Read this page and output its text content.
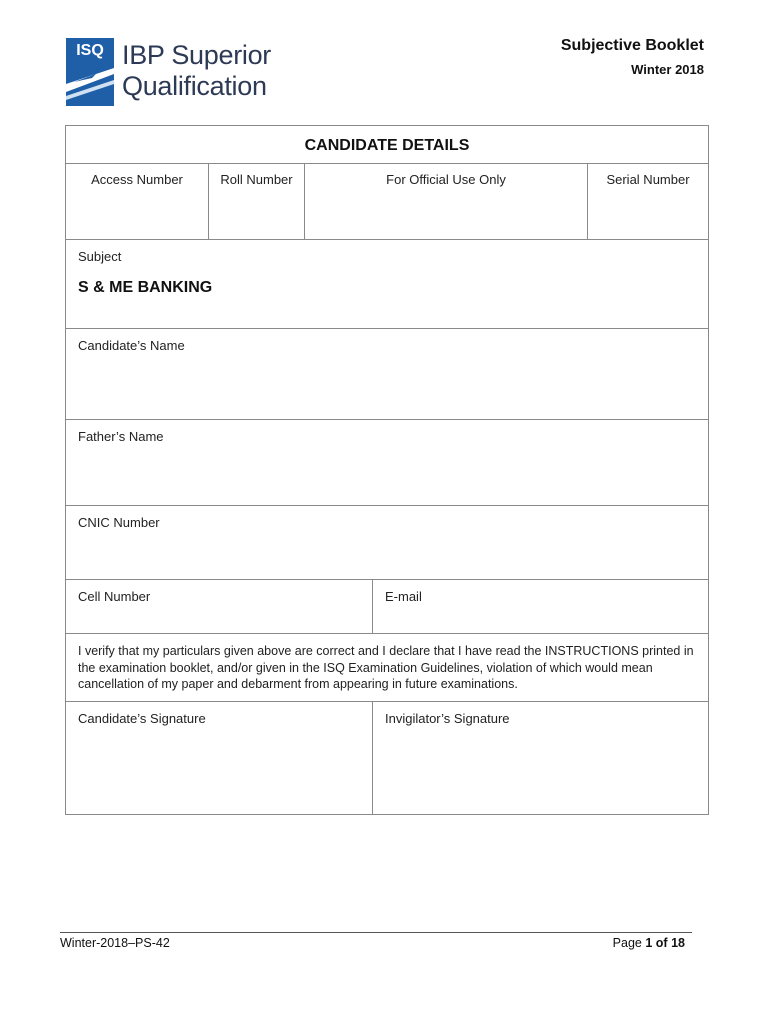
ISQ IBP Superior
Qualification
Subjective Booklet
Winter 2018
CANDIDATE DETAILS
Access Number	Roll Number	For Official Use Only	Serial Number
Subject
S & ME BANKING
Candidate’s Name
Father’s Name
CNIC Number
Cell Number	E-mail
I verify that my particulars given above are correct and I declare that I have read the INSTRUCTIONS printed in the examination booklet, and/or given in the ISQ Examination Guidelines, violation of which would mean cancellation of my paper and debarment from appearing in future examinations.
Candidate’s Signature	Invigilator’s Signature
Winter-2018–PS-42	Page 1 of 18
